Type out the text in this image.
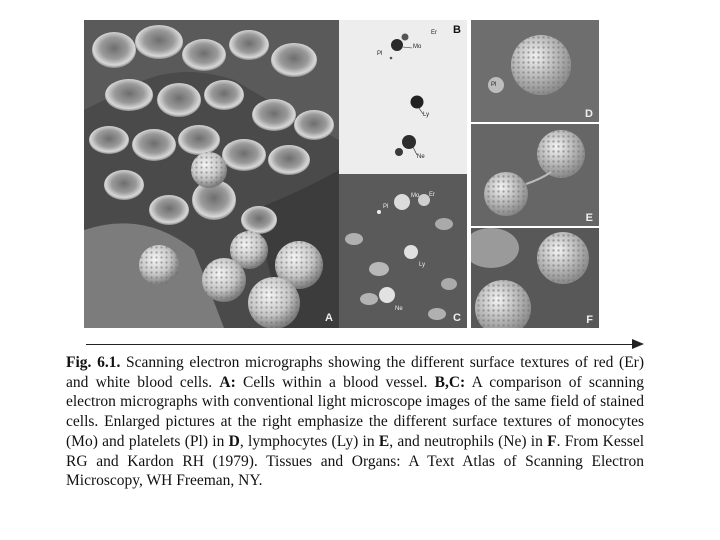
A
Er
Mo
Pl
Ly
Ne
B
Mo Er
Pl
Ly
Ne
C
Pl
D
E
F
Fig. 6.1. Scanning electron micrographs showing the different surface textures of red (Er) and white blood cells. A: Cells within a blood vessel. B,C: A comparison of scanning electron micrographs with conventional light microscope images of the same field of stained cells. Enlarged pictures at the right emphasize the different surface textures of monocytes (Mo) and platelets (Pl) in D, lymphocytes (Ly) in E, and neutrophils (Ne) in F. From Kessel RG and Kardon RH (1979). Tissues and Organs: A Text Atlas of Scanning Electron Microscopy, WH Freeman, NY.
